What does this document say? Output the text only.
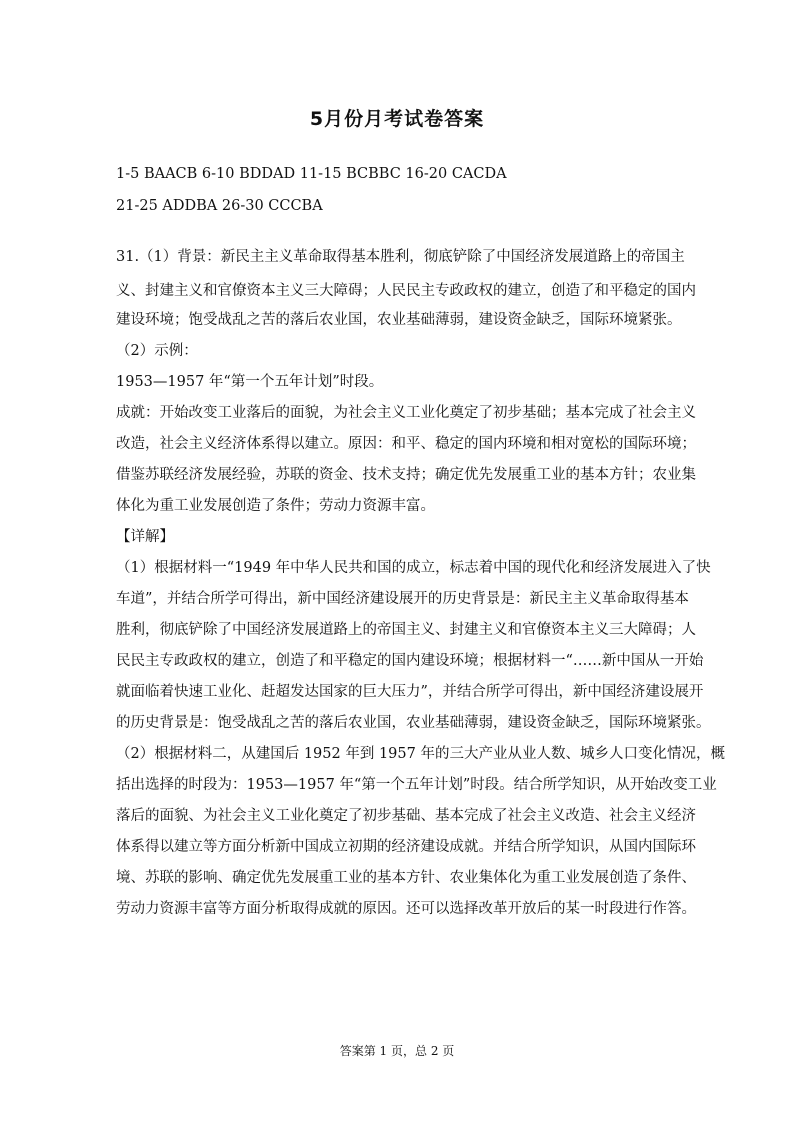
5月份月考试卷答案

1-5 BAACB 6-10 BDDAD 11-15 BCBBC 16-20 CACDA

21-25 ADDBA 26-30 CCCBA

31.（1）背景：新民主主义革命取得基本胜利，彻底铲除了中国经济发展道路上的帝国主

义、封建主义和官僚资本主义三大障碍；人民民主专政政权的建立，创造了和平稳定的国内

建设环境；饱受战乱之苦的落后农业国，农业基础薄弱，建设资金缺乏，国际环境紧张。

（2）示例：

1953—1957 年“第一个五年计划”时段。

成就：开始改变工业落后的面貌，为社会主义工业化奠定了初步基础；基本完成了社会主义

改造，社会主义经济体系得以建立。原因：和平、稳定的国内环境和相对宽松的国际环境；

借鉴苏联经济发展经验，苏联的资金、技术支持；确定优先发展重工业的基本方针；农业集

体化为重工业发展创造了条件；劳动力资源丰富。

【详解】

（1）根据材料一“1949 年中华人民共和国的成立，标志着中国的现代化和经济发展进入了快

车道”，并结合所学可得出，新中国经济建设展开的历史背景是：新民主主义革命取得基本

胜利，彻底铲除了中国经济发展道路上的帝国主义、封建主义和官僚资本主义三大障碍；人

民民主专政政权的建立，创造了和平稳定的国内建设环境；根据材料一“……新中国从一开始

就面临着快速工业化、赶超发达国家的巨大压力”，并结合所学可得出，新中国经济建设展开

的历史背景是：饱受战乱之苦的落后农业国，农业基础薄弱，建设资金缺乏，国际环境紧张。

（2）根据材料二，从建国后 1952 年到 1957 年的三大产业从业人数、城乡人口变化情况，概

括出选择的时段为：1953—1957 年“第一个五年计划”时段。结合所学知识，从开始改变工业

落后的面貌、为社会主义工业化奠定了初步基础、基本完成了社会主义改造、社会主义经济

体系得以建立等方面分析新中国成立初期的经济建设成就。并结合所学知识，从国内国际环

境、苏联的影响、确定优先发展重工业的基本方针、农业集体化为重工业发展创造了条件、

劳动力资源丰富等方面分析取得成就的原因。还可以选择改革开放后的某一时段进行作答。

答案第 1 页，总 2 页
